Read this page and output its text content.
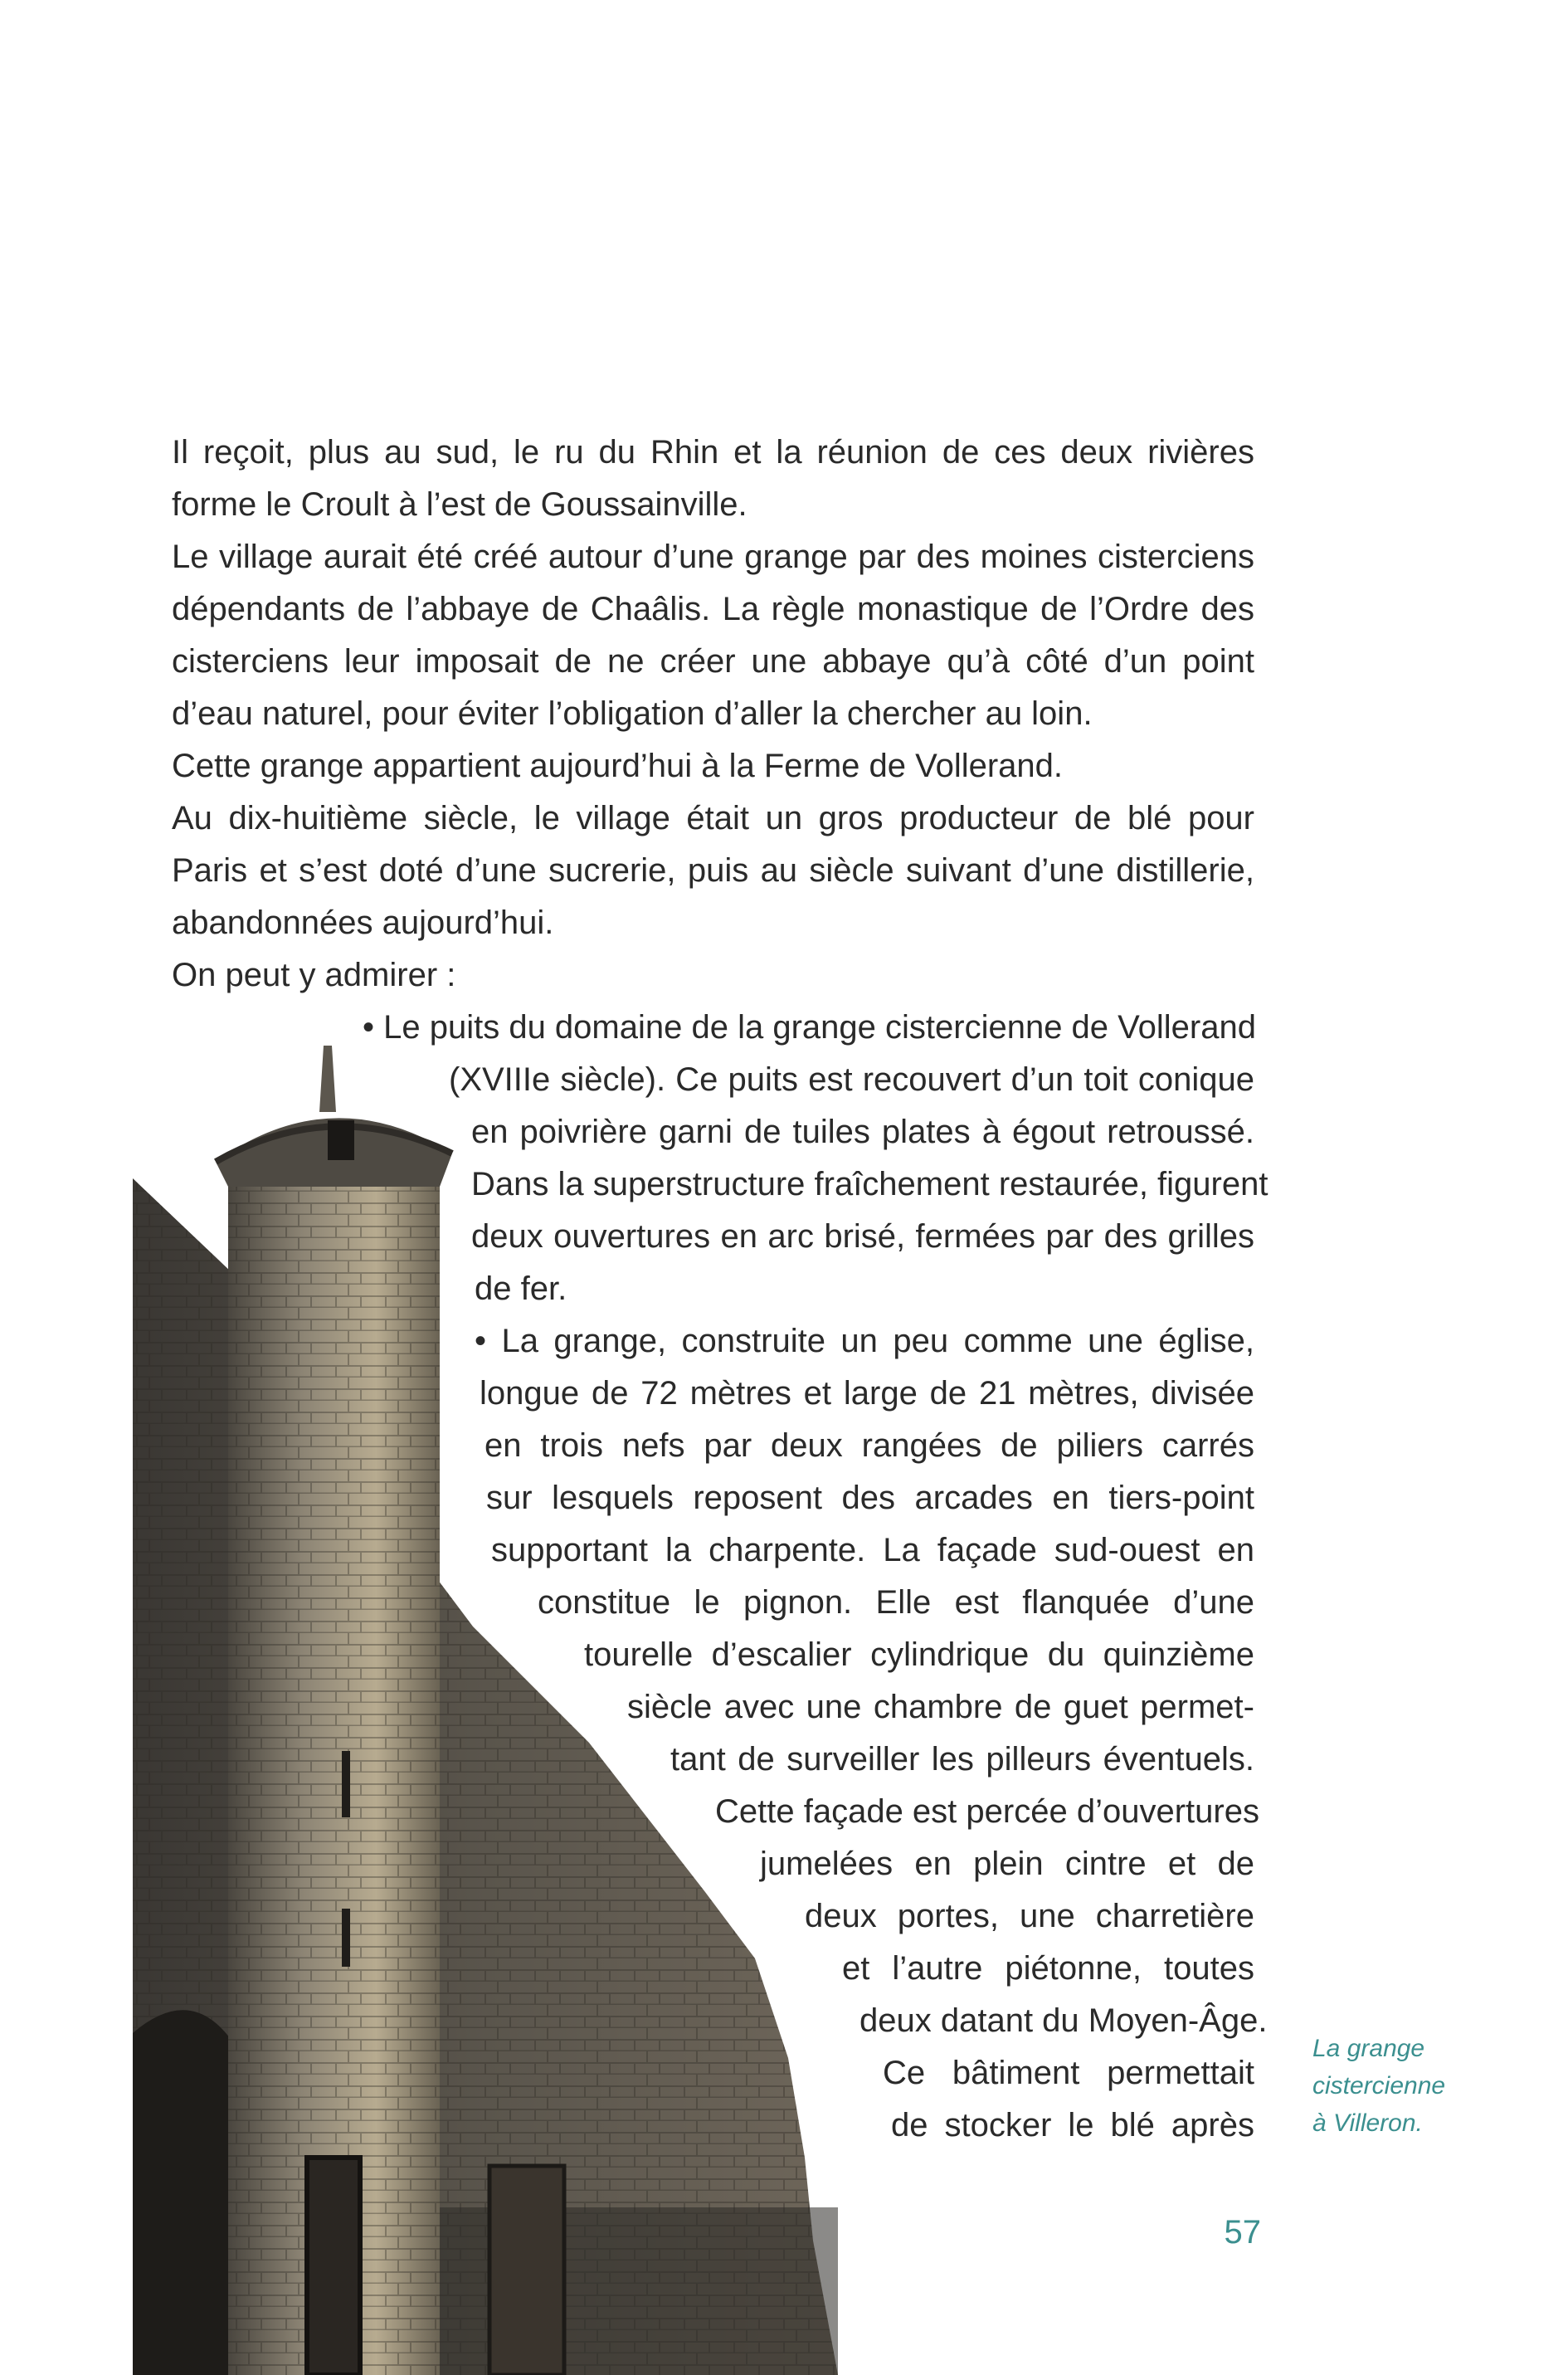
Il reçoit, plus au sud, le ru du Rhin et la réunion de ces deux rivières
forme le Croult à l’est de Goussainville.
Le village aurait été créé autour d’une grange par des moines cisterciens
dépendants de l’abbaye de Chaâlis. La règle monastique de l’Ordre des
cisterciens leur imposait de ne créer une abbaye qu’à côté d’un point
d’eau naturel, pour éviter l’obligation d’aller la chercher au loin.
Cette grange appartient aujourd’hui à la Ferme de Vollerand.
Au dix-huitième siècle, le village était un gros producteur de blé pour
Paris et s’est doté d’une sucrerie, puis au siècle suivant d’une distillerie,
abandonnées aujourd’hui.
On peut y admirer :
• Le puits du domaine de la grange cistercienne de Vollerand
(XVIIIe siècle). Ce puits est recouvert d’un toit conique
en poivrière garni de tuiles plates à égout retroussé.
Dans la superstructure fraîchement restaurée, figurent
deux ouvertures en arc brisé, fermées par des grilles
de fer.
• La grange, construite un peu comme une église,
longue de 72 mètres et large de 21 mètres, divisée
en trois nefs par deux rangées de piliers carrés
sur lesquels reposent des arcades en tiers-point
supportant la charpente. La façade sud-ouest en
constitue le pignon. Elle est flanquée d’une
tourelle d’escalier cylindrique du quinzième
siècle avec une chambre de guet permet-
tant de surveiller les pilleurs éventuels.
Cette façade est percée d’ouvertures
jumelées en plein cintre et de
deux portes, une charretière
et l’autre piétonne, toutes
deux datant du Moyen-Âge.
Ce bâtiment permettait
de stocker le blé après
La grange
cistercienne
à Villeron.
57
